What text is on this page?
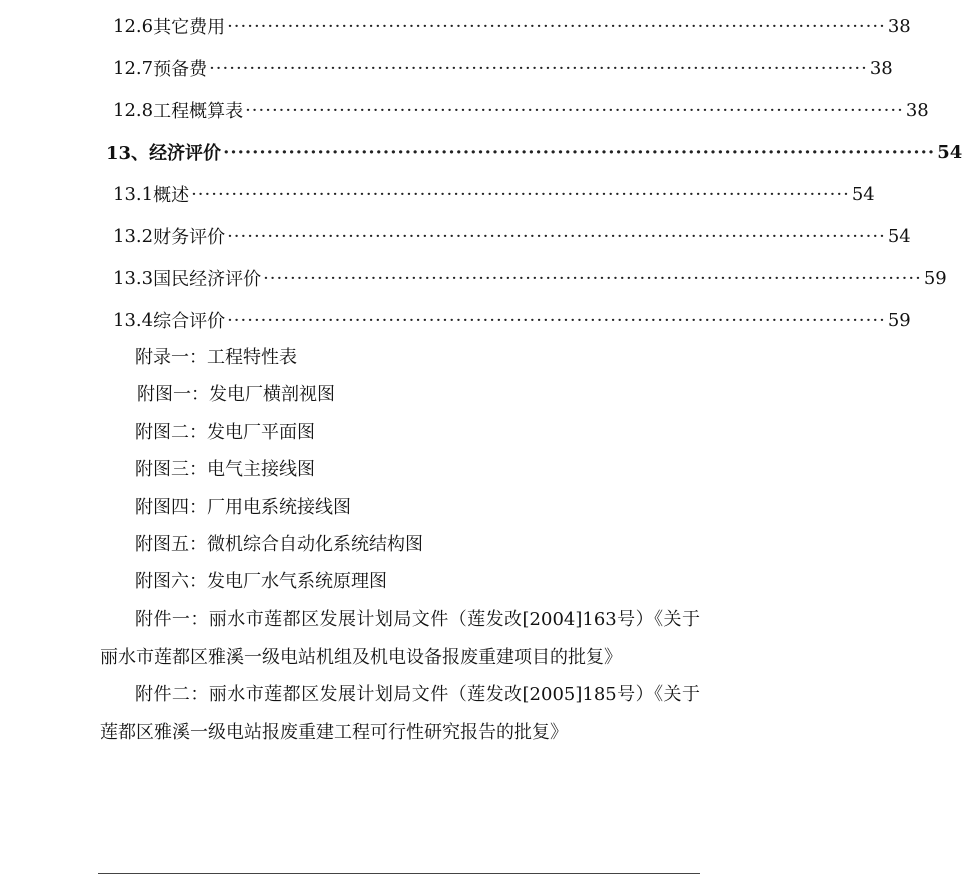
12.6 其它费用 ·································································································· 38
12.7 预备费 ·································································································· 38
12.8 工程概算表 ·································································································· 38
13、 经济评价 ·································································································· 54
13.1 概述 ·································································································· 54
13.2 财务评价 ·································································································· 54
13.3 国民经济评价 ·································································································· 59
13.4 综合评价 ·································································································· 59
附录一：工程特性表
附图一：发电厂横剖视图
附图二：发电厂平面图
附图三：电气主接线图
附图四：厂用电系统接线图
附图五：微机综合自动化系统结构图
附图六：发电厂水气系统原理图
附件一：丽水市莲都区发展计划局文件（莲发改[2004]163号）《关于丽水市莲都区雅溪一级电站机组及机电设备报废重建项目的批复》
附件二：丽水市莲都区发展计划局文件（莲发改[2005]185号）《关于莲都区雅溪一级电站报废重建工程可行性研究报告的批复》
